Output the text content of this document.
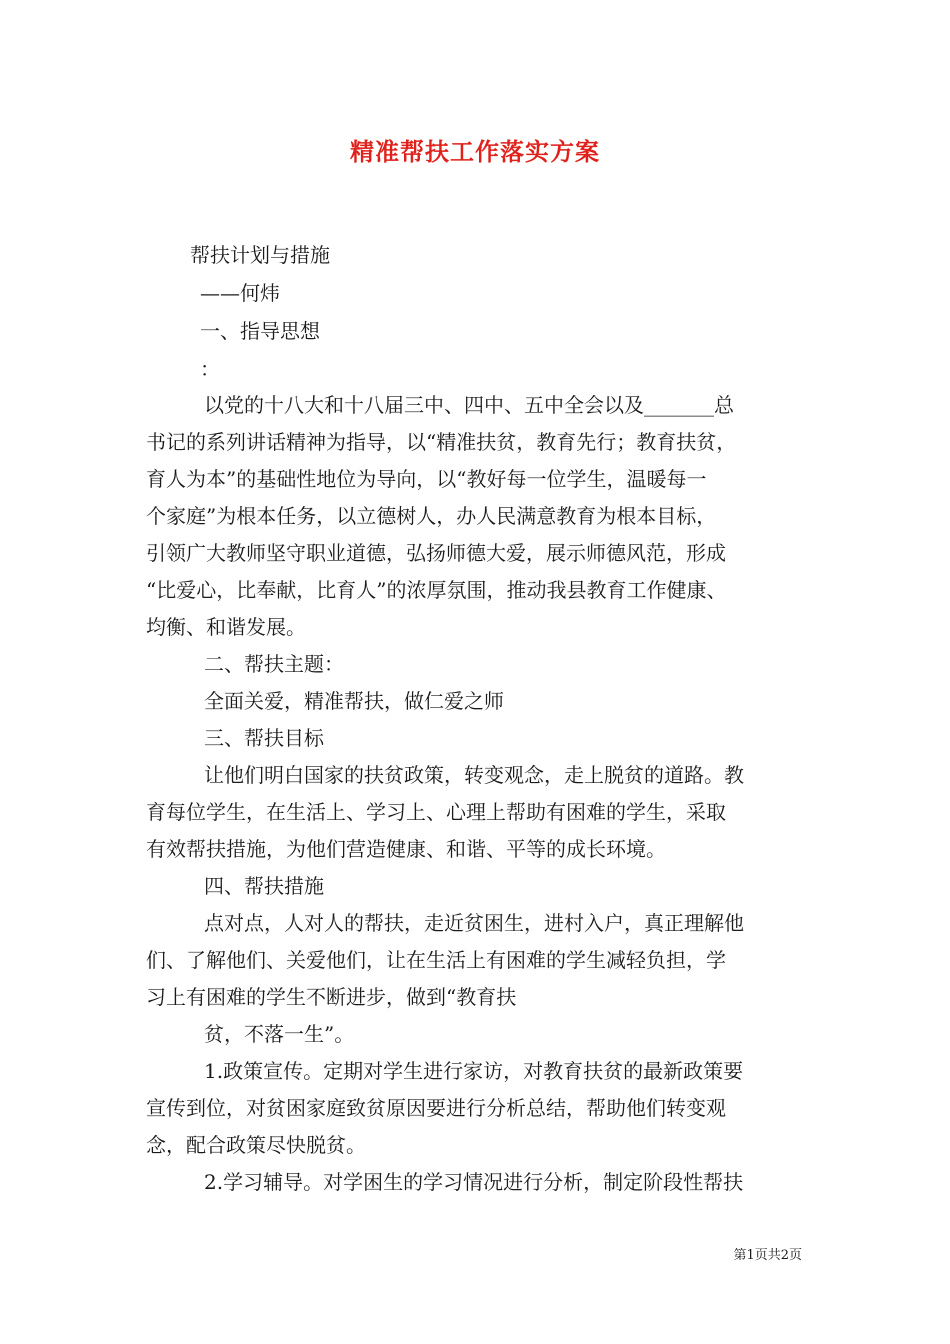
精准帮扶工作落实方案
帮扶计划与措施
——何炜
一、指导思想
：
以党的十八大和十八届三中、四中、五中全会以及_______总
书记的系列讲话精神为指导，以“精准扶贫，教育先行；教育扶贫，
育人为本”的基础性地位为导向，以“教好每一位学生，温暖每一
个家庭”为根本任务，以立德树人，办人民满意教育为根本目标，
引领广大教师坚守职业道德，弘扬师德大爱，展示师德风范，形成
“比爱心，比奉献，比育人”的浓厚氛围，推动我县教育工作健康、
均衡、和谐发展。
二、帮扶主题：
全面关爱，精准帮扶，做仁爱之师
三、帮扶目标
让他们明白国家的扶贫政策，转变观念，走上脱贫的道路。教
育每位学生，在生活上、学习上、心理上帮助有困难的学生，采取
有效帮扶措施，为他们营造健康、和谐、平等的成长环境。
四、帮扶措施
点对点，人对人的帮扶，走近贫困生，进村入户，真正理解他
们、了解他们、关爱他们，让在生活上有困难的学生减轻负担，学
习上有困难的学生不断进步，做到“教育扶
贫，不落一生”。
1.政策宣传。定期对学生进行家访，对教育扶贫的最新政策要
宣传到位，对贫困家庭致贫原因要进行分析总结，帮助他们转变观
念，配合政策尽快脱贫。
2.学习辅导。对学困生的学习情况进行分析，制定阶段性帮扶
第1页共2页
